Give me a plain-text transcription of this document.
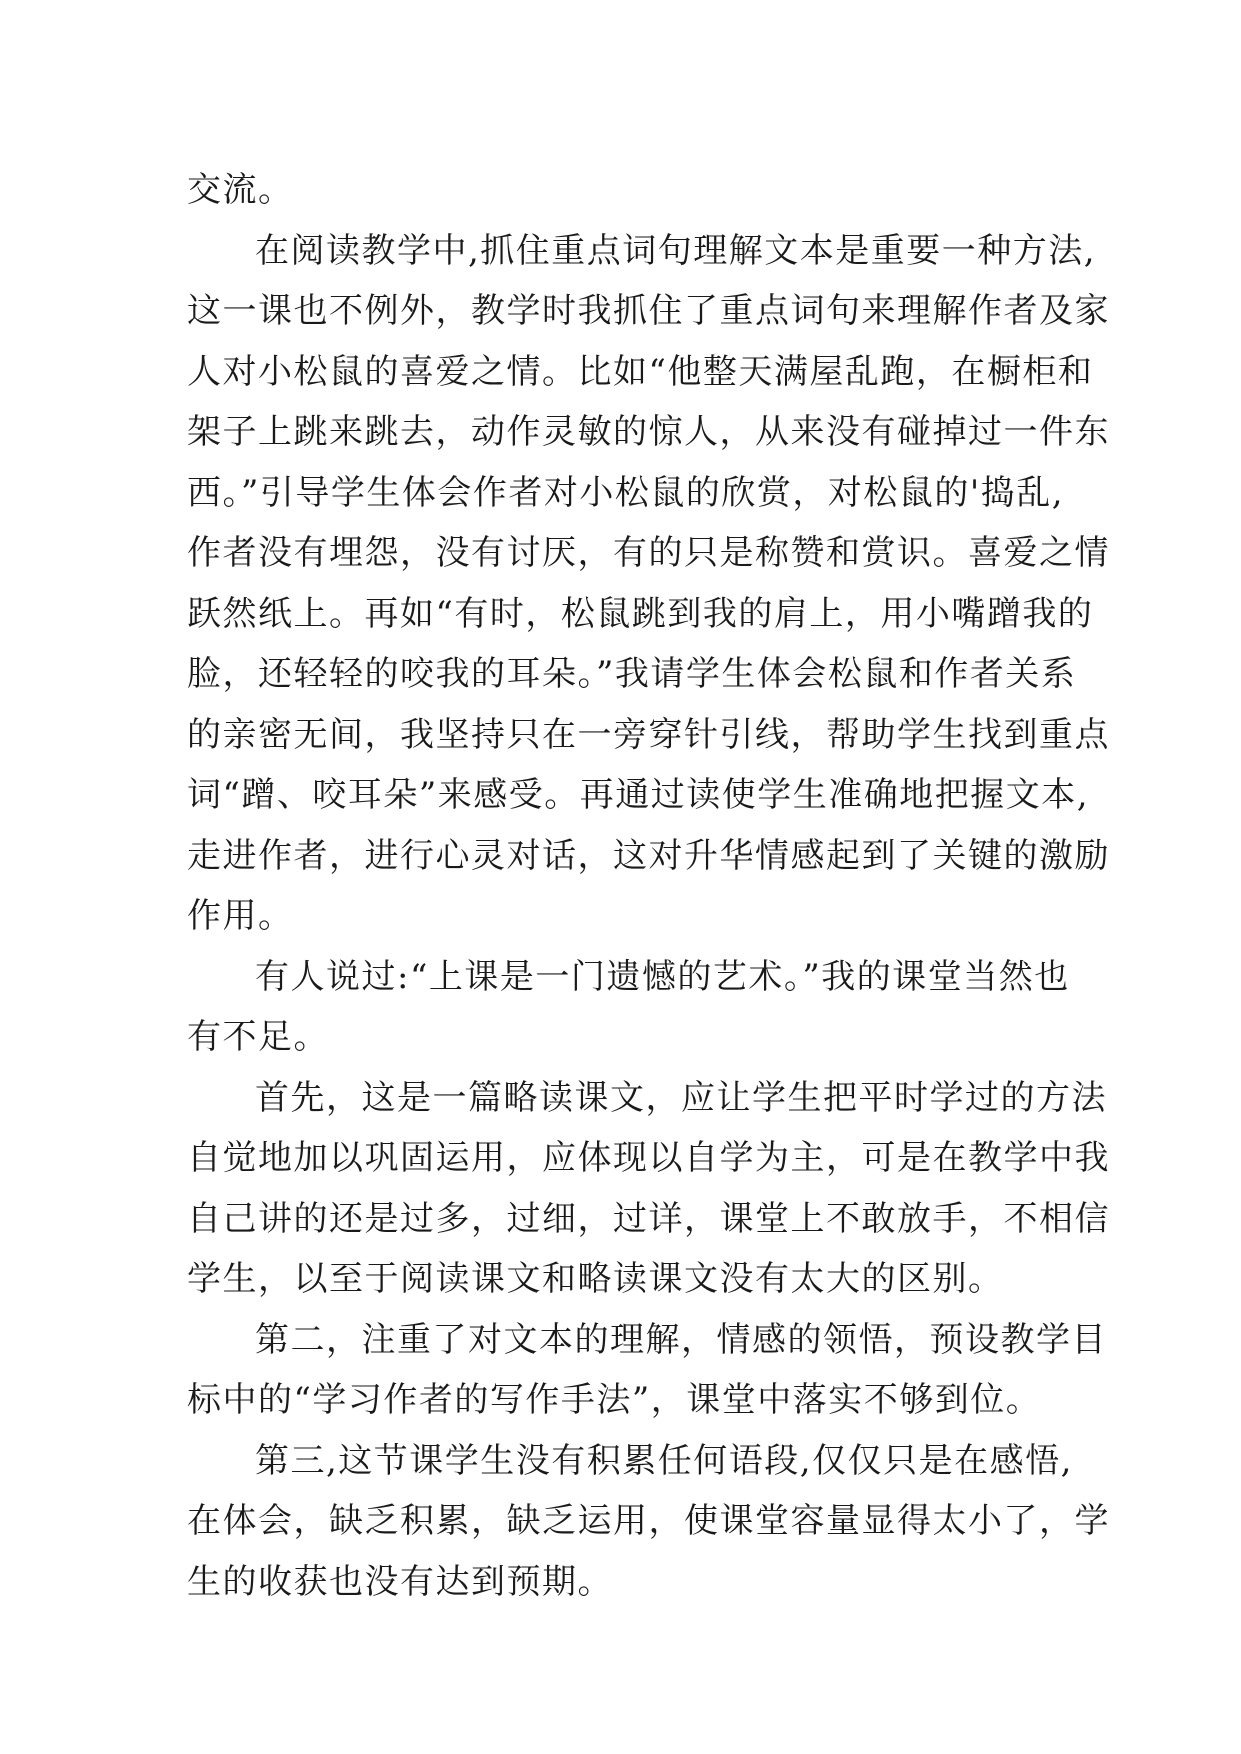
交流。
在阅读教学中,抓住重点词句理解文本是重要一种方法,
这一课也不例外，教学时我抓住了重点词句来理解作者及家
人对小松鼠的喜爱之情。比如“他整天满屋乱跑，在橱柜和
架子上跳来跳去，动作灵敏的惊人，从来没有碰掉过一件东
西。”引导学生体会作者对小松鼠的欣赏，对松鼠的'捣乱,
作者没有埋怨，没有讨厌，有的只是称赞和赏识。喜爱之情
跃然纸上。再如“有时，松鼠跳到我的肩上，用小嘴蹭我的
脸，还轻轻的咬我的耳朵。”我请学生体会松鼠和作者关系
的亲密无间，我坚持只在一旁穿针引线，帮助学生找到重点
词“蹭、咬耳朵”来感受。再通过读使学生准确地把握文本,
走进作者，进行心灵对话，这对升华情感起到了关键的激励
作用。
有人说过:“上课是一门遗憾的艺术。”我的课堂当然也
有不足。
首先，这是一篇略读课文，应让学生把平时学过的方法
自觉地加以巩固运用，应体现以自学为主，可是在教学中我
自己讲的还是过多，过细，过详，课堂上不敢放手，不相信
学生，以至于阅读课文和略读课文没有太大的区别。
第二，注重了对文本的理解，情感的领悟，预设教学目
标中的“学习作者的写作手法”，课堂中落实不够到位。
第三,这节课学生没有积累任何语段,仅仅只是在感悟,
在体会，缺乏积累，缺乏运用，使课堂容量显得太小了，学
生的收获也没有达到预期。
